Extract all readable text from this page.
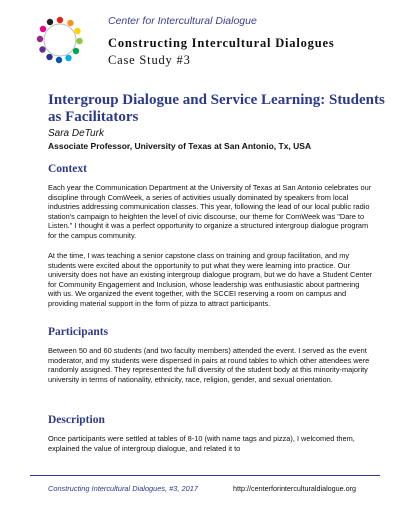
Center for Intercultural Dialogue
Constructing Intercultural Dialogues
Case Study #3
Intergroup Dialogue and Service Learning: Students as Facilitators
Sara DeTurk
Associate Professor, University of Texas at San Antonio, Tx, USA
Context

Each year the Communication Department at the University of Texas at San Antonio celebrates our discipline through ComWeek, a series of activities usually dominated by speakers from local industries addressing communication classes. This year, following the lead of our local public radio station's campaign to heighten the level of civic discourse, our theme for ComWeek was "Dare to Listen." I thought it was a perfect opportunity to organize a structured intergroup dialogue program for the campus community.

At the time, I was teaching a senior capstone class on training and group facilitation, and my students were excited about the opportunity to put what they were learning into practice. Our university does not have an existing intergroup dialogue program, but we do have a Student Center for Community Engagement and Inclusion, whose leadership was enthusiastic about partnering with us. We organized the event together, with the SCCEI reserving a room on campus and providing material support in the form of pizza to attract participants.

Participants

Between 50 and 60 students (and two faculty members) attended the event. I served as the event moderator, and my students were dispersed in pairs at round tables to which other attendees were randomly assigned. They represented the full diversity of the student body at this minority-majority university in terms of nationality, ethnicity, race, religion, gender, and sexual orientation.

Description

Once participants were settled at tables of 8-10 (with name tags and pizza), I welcomed them, explained the value of intergroup dialogue, and related it to

Constructing Intercultural Dialogues, #3, 2017	http://centerforinterculturaldialogue.org
